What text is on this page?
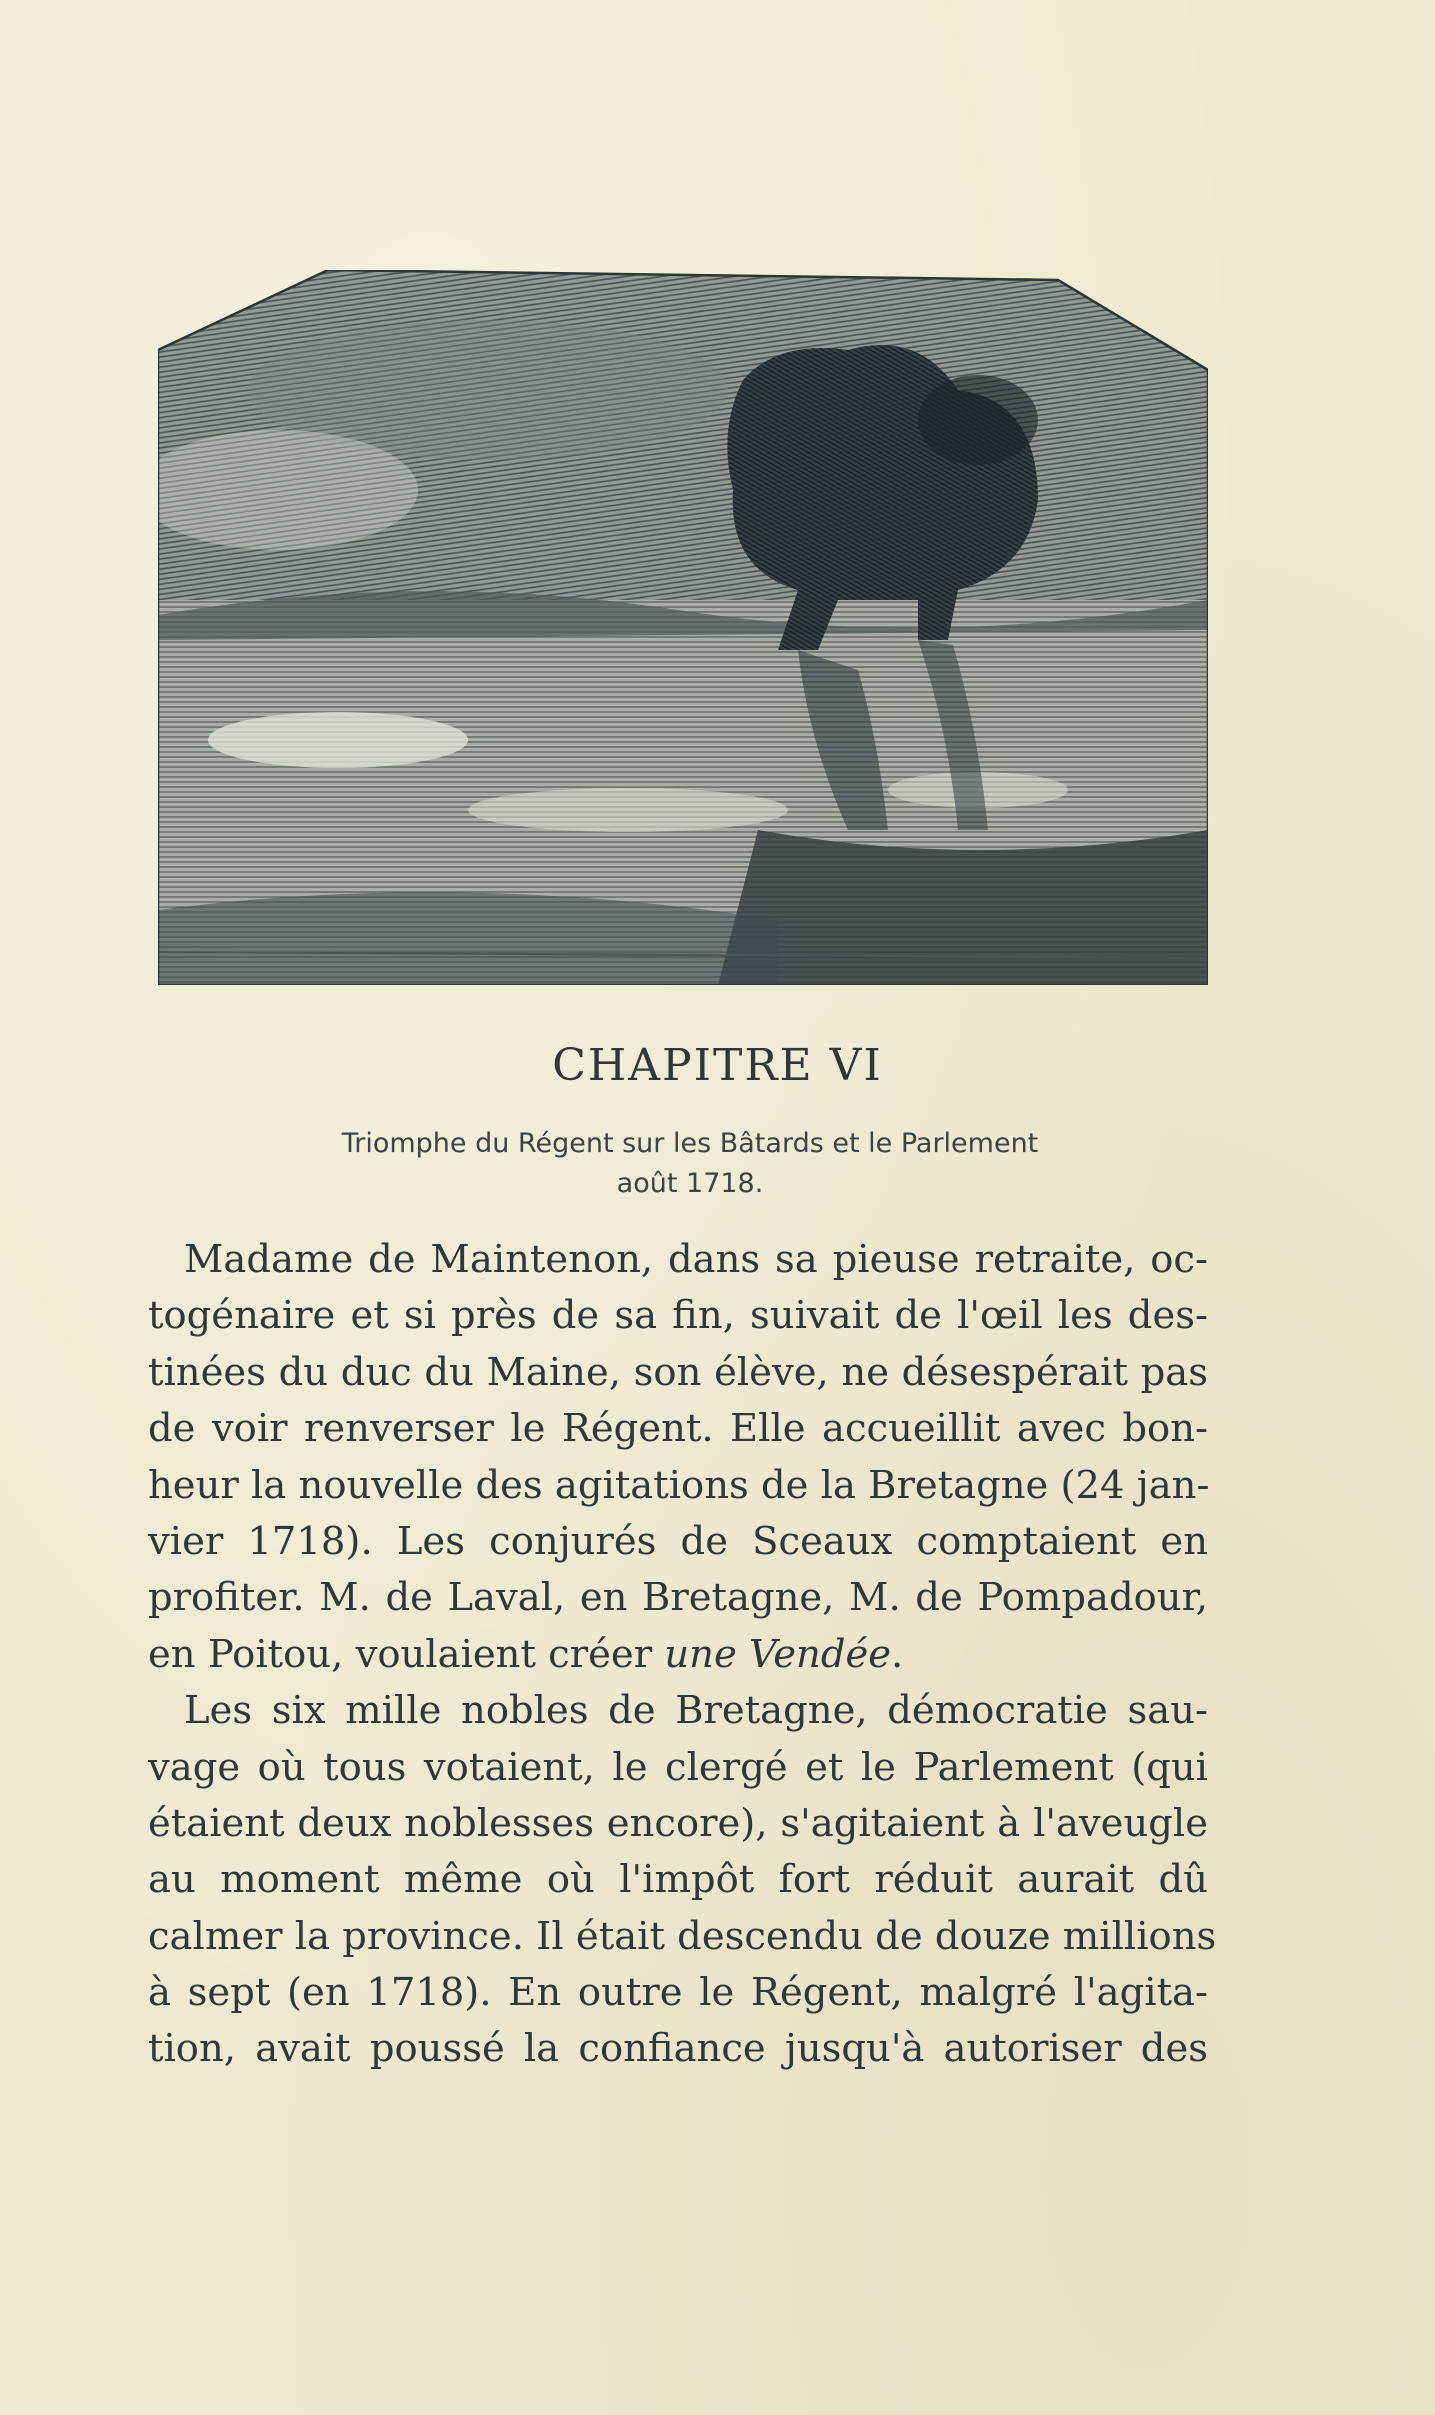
CHAPITRE VI
Triomphe du Régent sur les Bâtards et le Parlement
août 1718.
Madame de Maintenon, dans sa pieuse retraite, oc-
togénaire et si près de sa fin, suivait de l'œil les des-
tinées du duc du Maine, son élève, ne désespérait pas
de voir renverser le Régent. Elle accueillit avec bon-
heur la nouvelle des agitations de la Bretagne (24 jan-
vier 1718). Les conjurés de Sceaux comptaient en
profiter. M. de Laval, en Bretagne, M. de Pompadour,
en Poitou, voulaient créer une Vendée.
Les six mille nobles de Bretagne, démocratie sau-
vage où tous votaient, le clergé et le Parlement (qui
étaient deux noblesses encore), s'agitaient à l'aveugle
au moment même où l'impôt fort réduit aurait dû
calmer la province. Il était descendu de douze millions
à sept (en 1718). En outre le Régent, malgré l'agita-
tion, avait poussé la confiance jusqu'à autoriser des
